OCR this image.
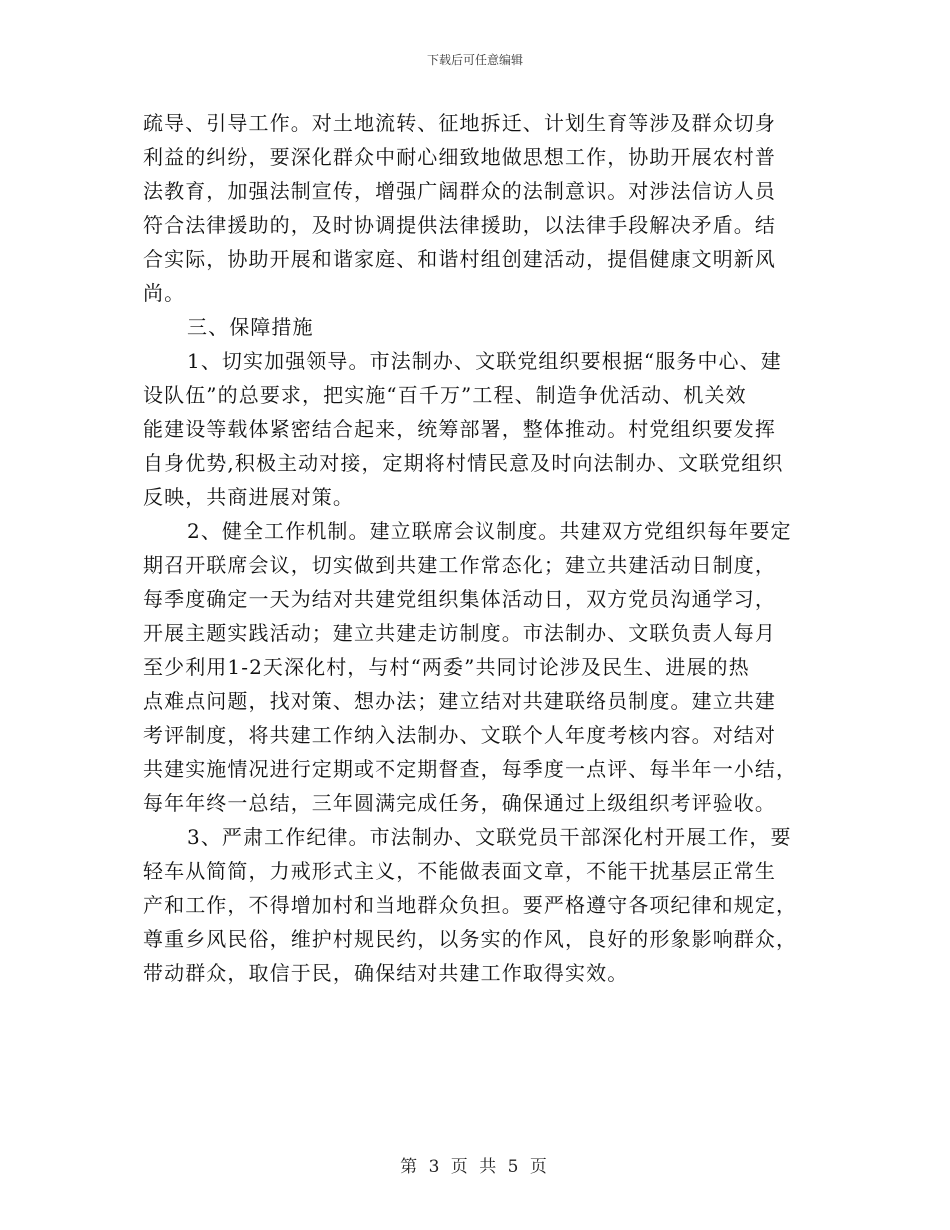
下载后可任意编辑
疏导、引导工作。对土地流转、征地拆迁、计划生育等涉及群众切身
利益的纠纷，要深化群众中耐心细致地做思想工作，协助开展农村普
法教育，加强法制宣传，增强广阔群众的法制意识。对涉法信访人员
符合法律援助的，及时协调提供法律援助，以法律手段解决矛盾。结
合实际，协助开展和谐家庭、和谐村组创建活动，提倡健康文明新风
尚。
三、保障措施
1、切实加强领导。市法制办、文联党组织要根据“服务中心、建
设队伍”的总要求，把实施“百千万”工程、制造争优活动、机关效
能建设等载体紧密结合起来，统筹部署，整体推动。村党组织要发挥
自身优势,积极主动对接，定期将村情民意及时向法制办、文联党组织
反映，共商进展对策。
2、健全工作机制。建立联席会议制度。共建双方党组织每年要定
期召开联席会议，切实做到共建工作常态化；建立共建活动日制度，
每季度确定一天为结对共建党组织集体活动日，双方党员沟通学习，
开展主题实践活动；建立共建走访制度。市法制办、文联负责人每月
至少利用1-2天深化村，与村“两委”共同讨论涉及民生、进展的热
点难点问题，找对策、想办法；建立结对共建联络员制度。建立共建
考评制度，将共建工作纳入法制办、文联个人年度考核内容。对结对
共建实施情况进行定期或不定期督查，每季度一点评、每半年一小结，
每年年终一总结，三年圆满完成任务，确保通过上级组织考评验收。
3、严肃工作纪律。市法制办、文联党员干部深化村开展工作，要
轻车从简简，力戒形式主义，不能做表面文章，不能干扰基层正常生
产和工作，不得增加村和当地群众负担。要严格遵守各项纪律和规定，
尊重乡风民俗，维护村规民约，以务实的作风，良好的形象影响群众，
带动群众，取信于民，确保结对共建工作取得实效。
第 3 页 共 5 页
